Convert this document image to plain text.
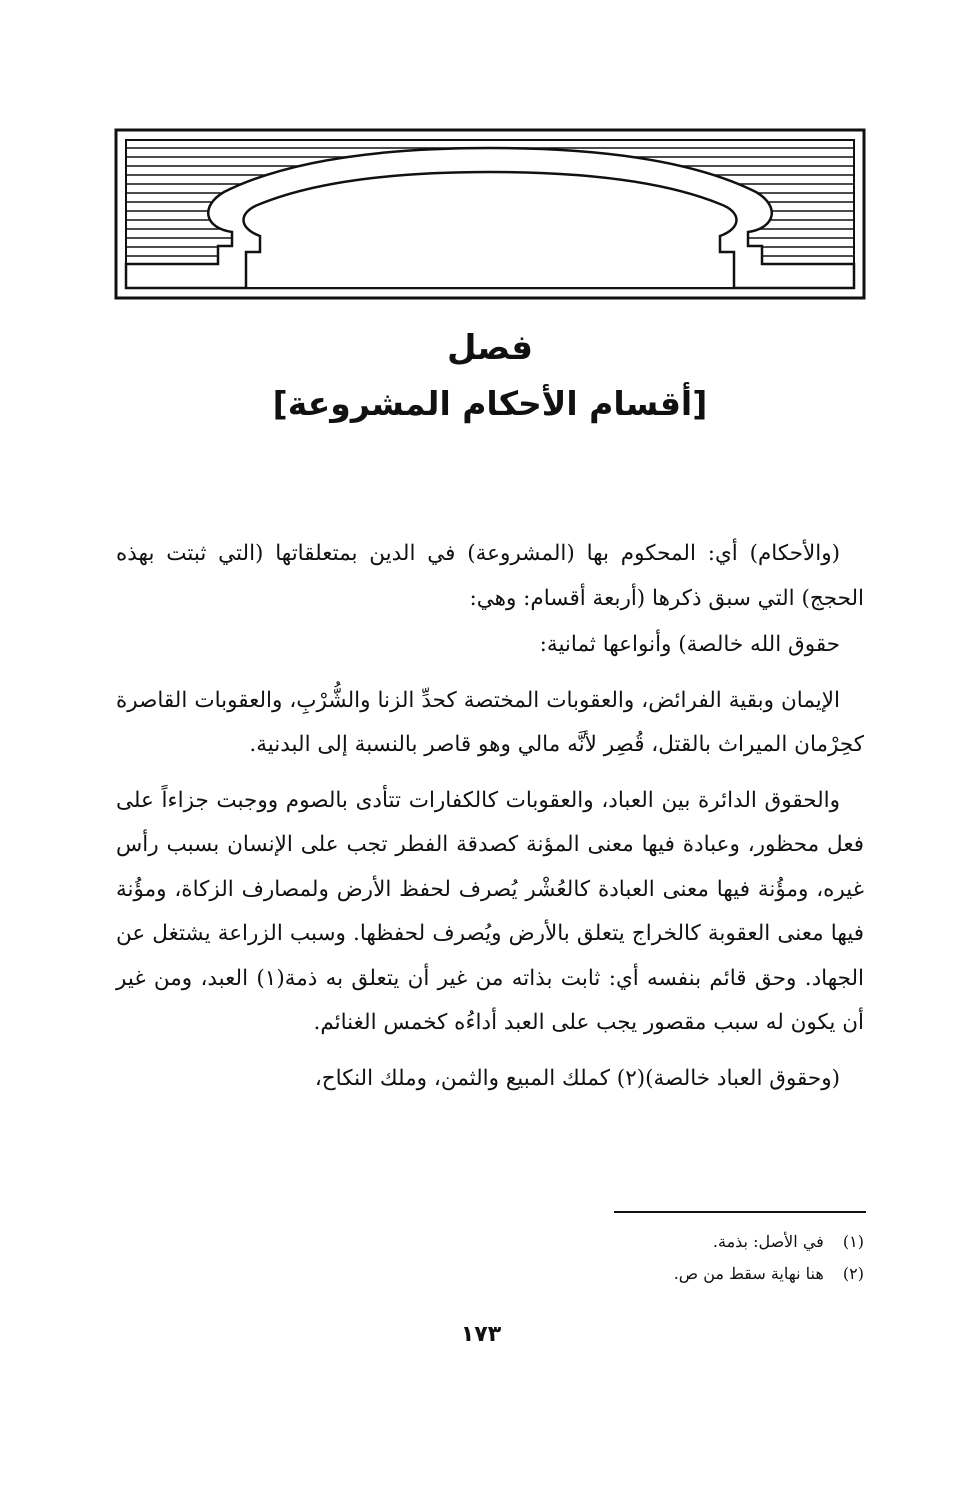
فصل
[أقسام الأحكام المشروعة]

(والأحكام) أي: المحكوم بها (المشروعة) في الدين بمتعلقاتها (التي ثبتت بهذه الحجج) التي سبق ذكرها (أربعة أقسام: وهي:

حقوق الله خالصة) وأنواعها ثمانية:

الإيمان وبقية الفرائض، والعقوبات المختصة كحدِّ الزنا والشُّرْبِ، والعقوبات القاصرة كحِرْمان الميراث بالقتل، قُصِر لأنَّه مالي وهو قاصر بالنسبة إلى البدنية.

والحقوق الدائرة بين العباد، والعقوبات كالكفارات تتأدى بالصوم ووجبت جزاءاً على فعل محظور، وعبادة فيها معنى المؤنة كصدقة الفطر تجب على الإنسان بسبب رأس غيره، ومؤُنة فيها معنى العبادة كالعُشْر يُصرف لحفظ الأرض ولمصارف الزكاة، ومؤُنة فيها معنى العقوبة كالخراج يتعلق بالأرض ويُصرف لحفظها. وسبب الزراعة يشتغل عن الجهاد. وحق قائم بنفسه أي: ثابت بذاته من غير أن يتعلق به ذمة(١) العبد، ومن غير أن يكون له سبب مقصور يجب على العبد أداءُه كخمس الغنائم.

(وحقوق العباد خالصة)(٢) كملك المبيع والثمن، وملك النكاح،

(١) في الأصل: بذمة.
(٢) هنا نهاية سقط من ص.
١٧٣
